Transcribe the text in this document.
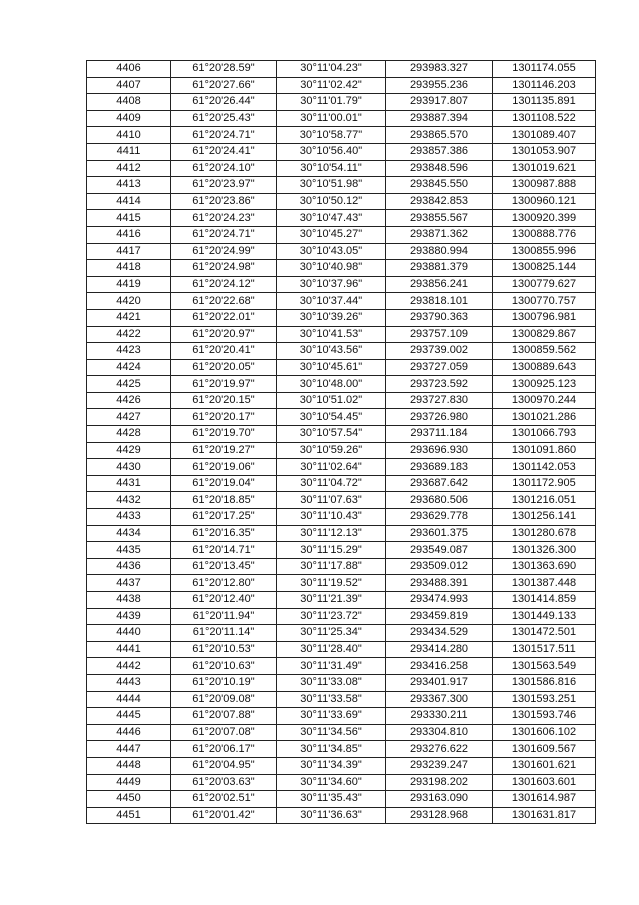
4406	61°20'28.59"	30°11'04.23"	293983.327	1301174.055
4407	61°20'27.66"	30°11'02.42"	293955.236	1301146.203
4408	61°20'26.44"	30°11'01.79"	293917.807	1301135.891
4409	61°20'25.43"	30°11'00.01"	293887.394	1301108.522
4410	61°20'24.71"	30°10'58.77"	293865.570	1301089.407
4411	61°20'24.41"	30°10'56.40"	293857.386	1301053.907
4412	61°20'24.10"	30°10'54.11"	293848.596	1301019.621
4413	61°20'23.97"	30°10'51.98"	293845.550	1300987.888
4414	61°20'23.86"	30°10'50.12"	293842.853	1300960.121
4415	61°20'24.23"	30°10'47.43"	293855.567	1300920.399
4416	61°20'24.71"	30°10'45.27"	293871.362	1300888.776
4417	61°20'24.99"	30°10'43.05"	293880.994	1300855.996
4418	61°20'24.98"	30°10'40.98"	293881.379	1300825.144
4419	61°20'24.12"	30°10'37.96"	293856.241	1300779.627
4420	61°20'22.68"	30°10'37.44"	293818.101	1300770.757
4421	61°20'22.01"	30°10'39.26"	293790.363	1300796.981
4422	61°20'20.97"	30°10'41.53"	293757.109	1300829.867
4423	61°20'20.41"	30°10'43.56"	293739.002	1300859.562
4424	61°20'20.05"	30°10'45.61"	293727.059	1300889.643
4425	61°20'19.97"	30°10'48.00"	293723.592	1300925.123
4426	61°20'20.15"	30°10'51.02"	293727.830	1300970.244
4427	61°20'20.17"	30°10'54.45"	293726.980	1301021.286
4428	61°20'19.70"	30°10'57.54"	293711.184	1301066.793
4429	61°20'19.27"	30°10'59.26"	293696.930	1301091.860
4430	61°20'19.06"	30°11'02.64"	293689.183	1301142.053
4431	61°20'19.04"	30°11'04.72"	293687.642	1301172.905
4432	61°20'18.85"	30°11'07.63"	293680.506	1301216.051
4433	61°20'17.25"	30°11'10.43"	293629.778	1301256.141
4434	61°20'16.35"	30°11'12.13"	293601.375	1301280.678
4435	61°20'14.71"	30°11'15.29"	293549.087	1301326.300
4436	61°20'13.45"	30°11'17.88"	293509.012	1301363.690
4437	61°20'12.80"	30°11'19.52"	293488.391	1301387.448
4438	61°20'12.40"	30°11'21.39"	293474.993	1301414.859
4439	61°20'11.94"	30°11'23.72"	293459.819	1301449.133
4440	61°20'11.14"	30°11'25.34"	293434.529	1301472.501
4441	61°20'10.53"	30°11'28.40"	293414.280	1301517.511
4442	61°20'10.63"	30°11'31.49"	293416.258	1301563.549
4443	61°20'10.19"	30°11'33.08"	293401.917	1301586.816
4444	61°20'09.08"	30°11'33.58"	293367.300	1301593.251
4445	61°20'07.88"	30°11'33.69"	293330.211	1301593.746
4446	61°20'07.08"	30°11'34.56"	293304.810	1301606.102
4447	61°20'06.17"	30°11'34.85"	293276.622	1301609.567
4448	61°20'04.95"	30°11'34.39"	293239.247	1301601.621
4449	61°20'03.63"	30°11'34.60"	293198.202	1301603.601
4450	61°20'02.51"	30°11'35.43"	293163.090	1301614.987
4451	61°20'01.42"	30°11'36.63"	293128.968	1301631.817
